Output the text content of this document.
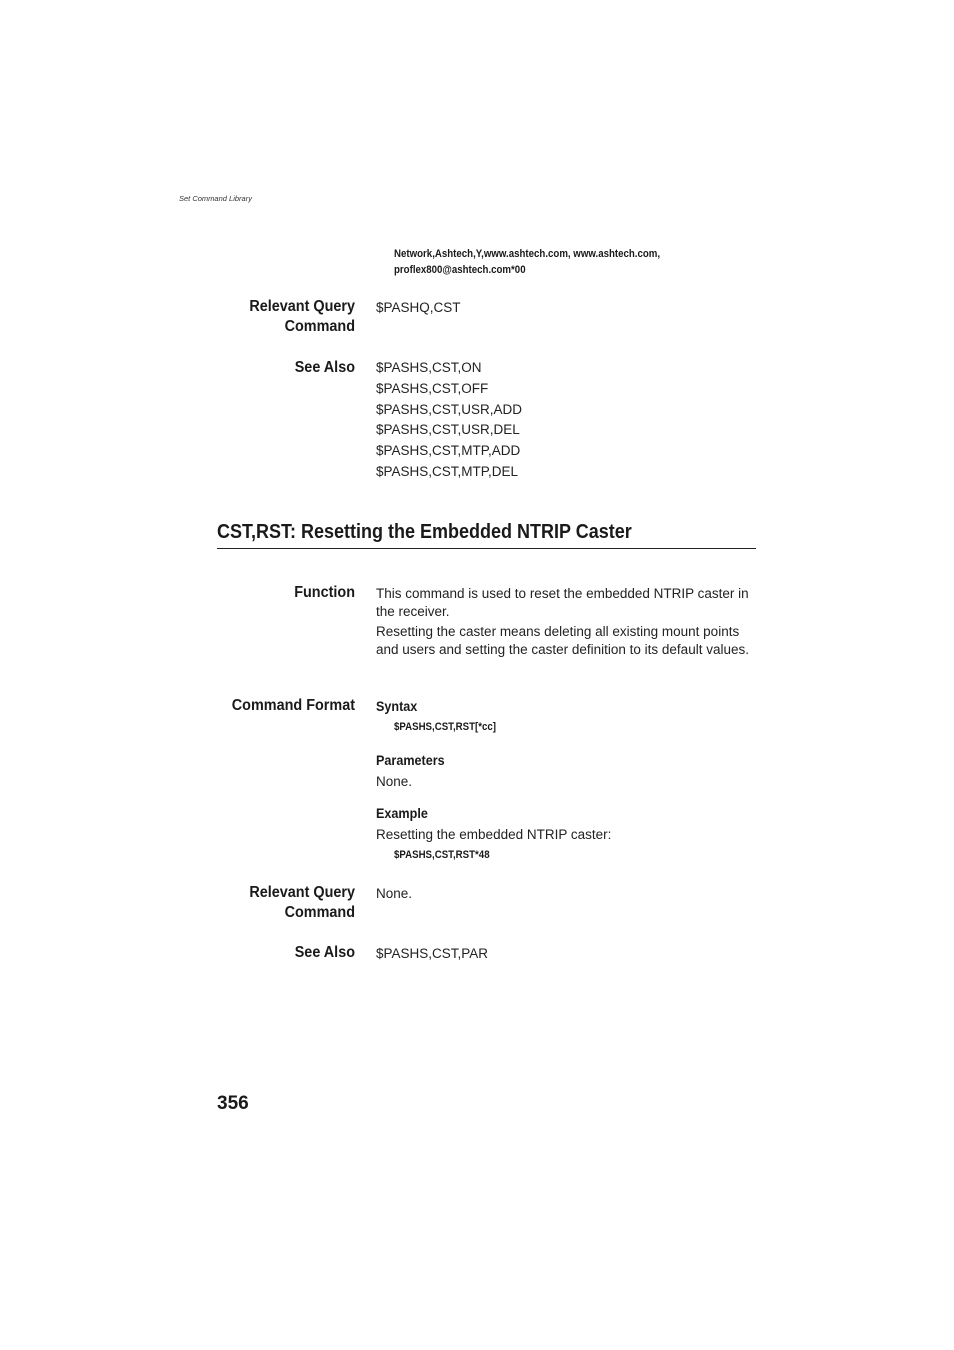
Set Command Library
Network,Ashtech,Y,www.ashtech.com, www.ashtech.com,
proflex800@ashtech.com*00
Relevant Query
Command
$PASHQ,CST
See Also $PASHS,CST,ON
$PASHS,CST,OFF
$PASHS,CST,USR,ADD
$PASHS,CST,USR,DEL
$PASHS,CST,MTP,ADD
$PASHS,CST,MTP,DEL
CST,RST: Resetting the Embedded NTRIP Caster
Function This command is used to reset the embedded NTRIP caster in the receiver.

Resetting the caster means deleting all existing mount points and users and setting the caster definition to its default values.

Command Format Syntax
$PASHS,CST,RST[*cc]
Parameters
None.
Example
Resetting the embedded NTRIP caster:
$PASHS,CST,RST*48
Relevant Query
Command
None.
See Also $PASHS,CST,PAR
356
